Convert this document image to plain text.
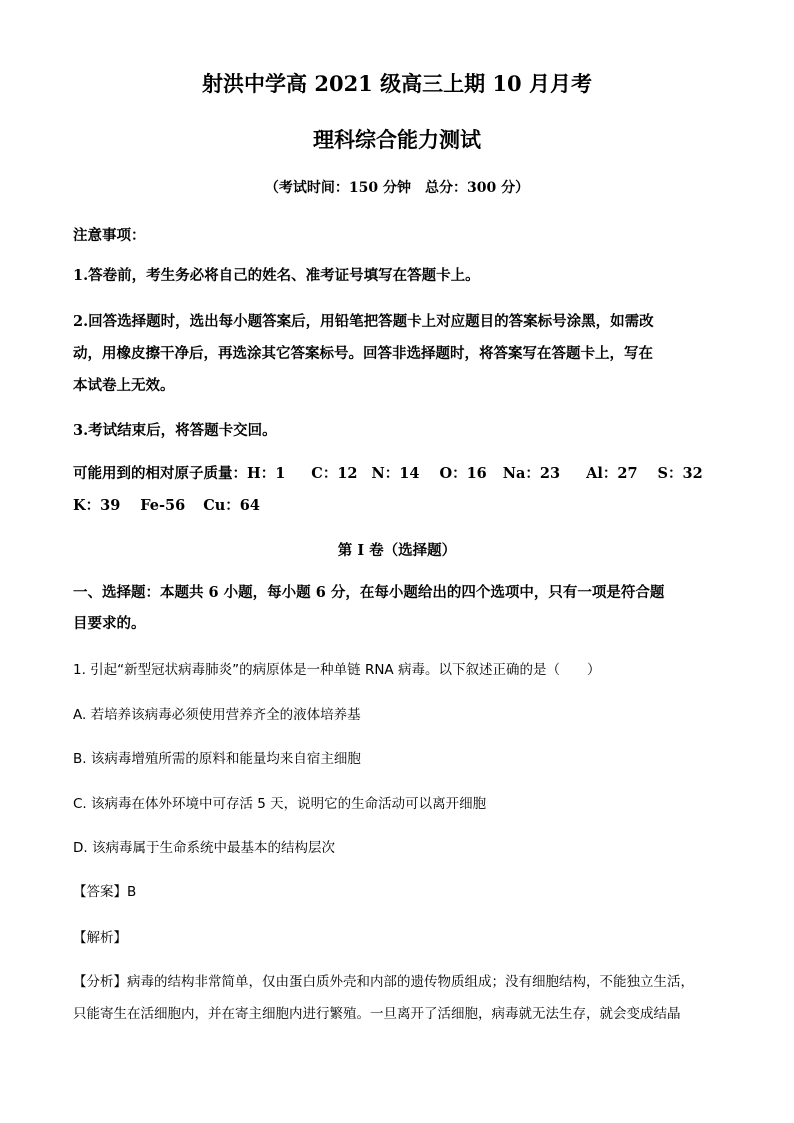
射洪中学高 2021 级高三上期 10 月月考
理科综合能力测试
（考试时间：150 分钟　总分：300 分）
注意事项：
1.答卷前，考生务必将自己的姓名、准考证号填写在答题卡上。
2.回答选择题时，选出每小题答案后，用铅笔把答题卡上对应题目的答案标号涂黑，如需改
动，用橡皮擦干净后，再选涂其它答案标号。回答非选择题时，将答案写在答题卡上，写在
本试卷上无效。
3.考试结束后，将答题卡交回。
可能用到的相对原子质量：H：1 C：12 N：14 O：16 Na：23 Al：27 S：32
K：39 Fe-56 Cu：64
第 I 卷（选择题）
一、选择题：本题共 6 小题，每小题 6 分，在每小题给出的四个选项中，只有一项是符合题
目要求的。
1. 引起“新型冠状病毒肺炎”的病原体是一种单链 RNA 病毒。以下叙述正确的是（　　）
A. 若培养该病毒必须使用营养齐全的液体培养基
B. 该病毒增殖所需的原料和能量均来自宿主细胞
C. 该病毒在体外环境中可存活 5 天，说明它的生命活动可以离开细胞
D. 该病毒属于生命系统中最基本的结构层次
【答案】B
【解析】
【分析】病毒的结构非常简单，仅由蛋白质外壳和内部的遗传物质组成；没有细胞结构，不能独立生活，
只能寄生在活细胞内，并在寄主细胞内进行繁殖。一旦离开了活细胞，病毒就无法生存，就会变成结晶
